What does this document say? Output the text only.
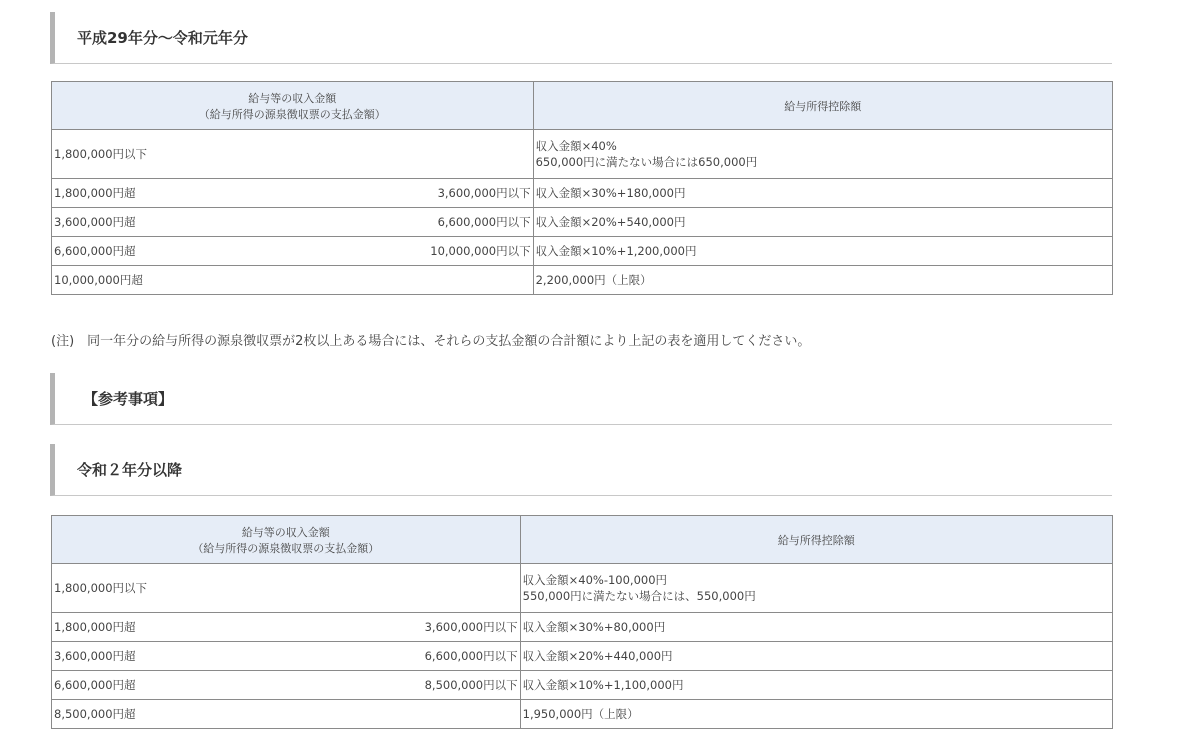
平成29年分～令和元年分
給与等の収入金額
（給与所得の源泉徴収票の支払金額）	給与所得控除額
1,800,000円以下	収入金額×40%
650,000円に満たない場合には650,000円

1,800,000円超 3,600,000円以下	収入金額×30%+180,000円

3,600,000円超 6,600,000円以下	収入金額×20%+540,000円

6,600,000円超 10,000,000円以下	収入金額×10%+1,200,000円
10,000,000円超	2,200,000円（上限）
(注)　同一年分の給与所得の源泉徴収票が2枚以上ある場合には、それらの支払金額の合計額により上記の表を適用してください。
【参考事項】
令和２年分以降
給与等の収入金額
（給与所得の源泉徴収票の支払金額）	給与所得控除額
1,800,000円以下	収入金額×40%-100,000円
550,000円に満たない場合には、550,000円

1,800,000円超 3,600,000円以下	収入金額×30%+80,000円

3,600,000円超 6,600,000円以下	収入金額×20%+440,000円

6,600,000円超 8,500,000円以下	収入金額×10%+1,100,000円
8,500,000円超	1,950,000円（上限）
